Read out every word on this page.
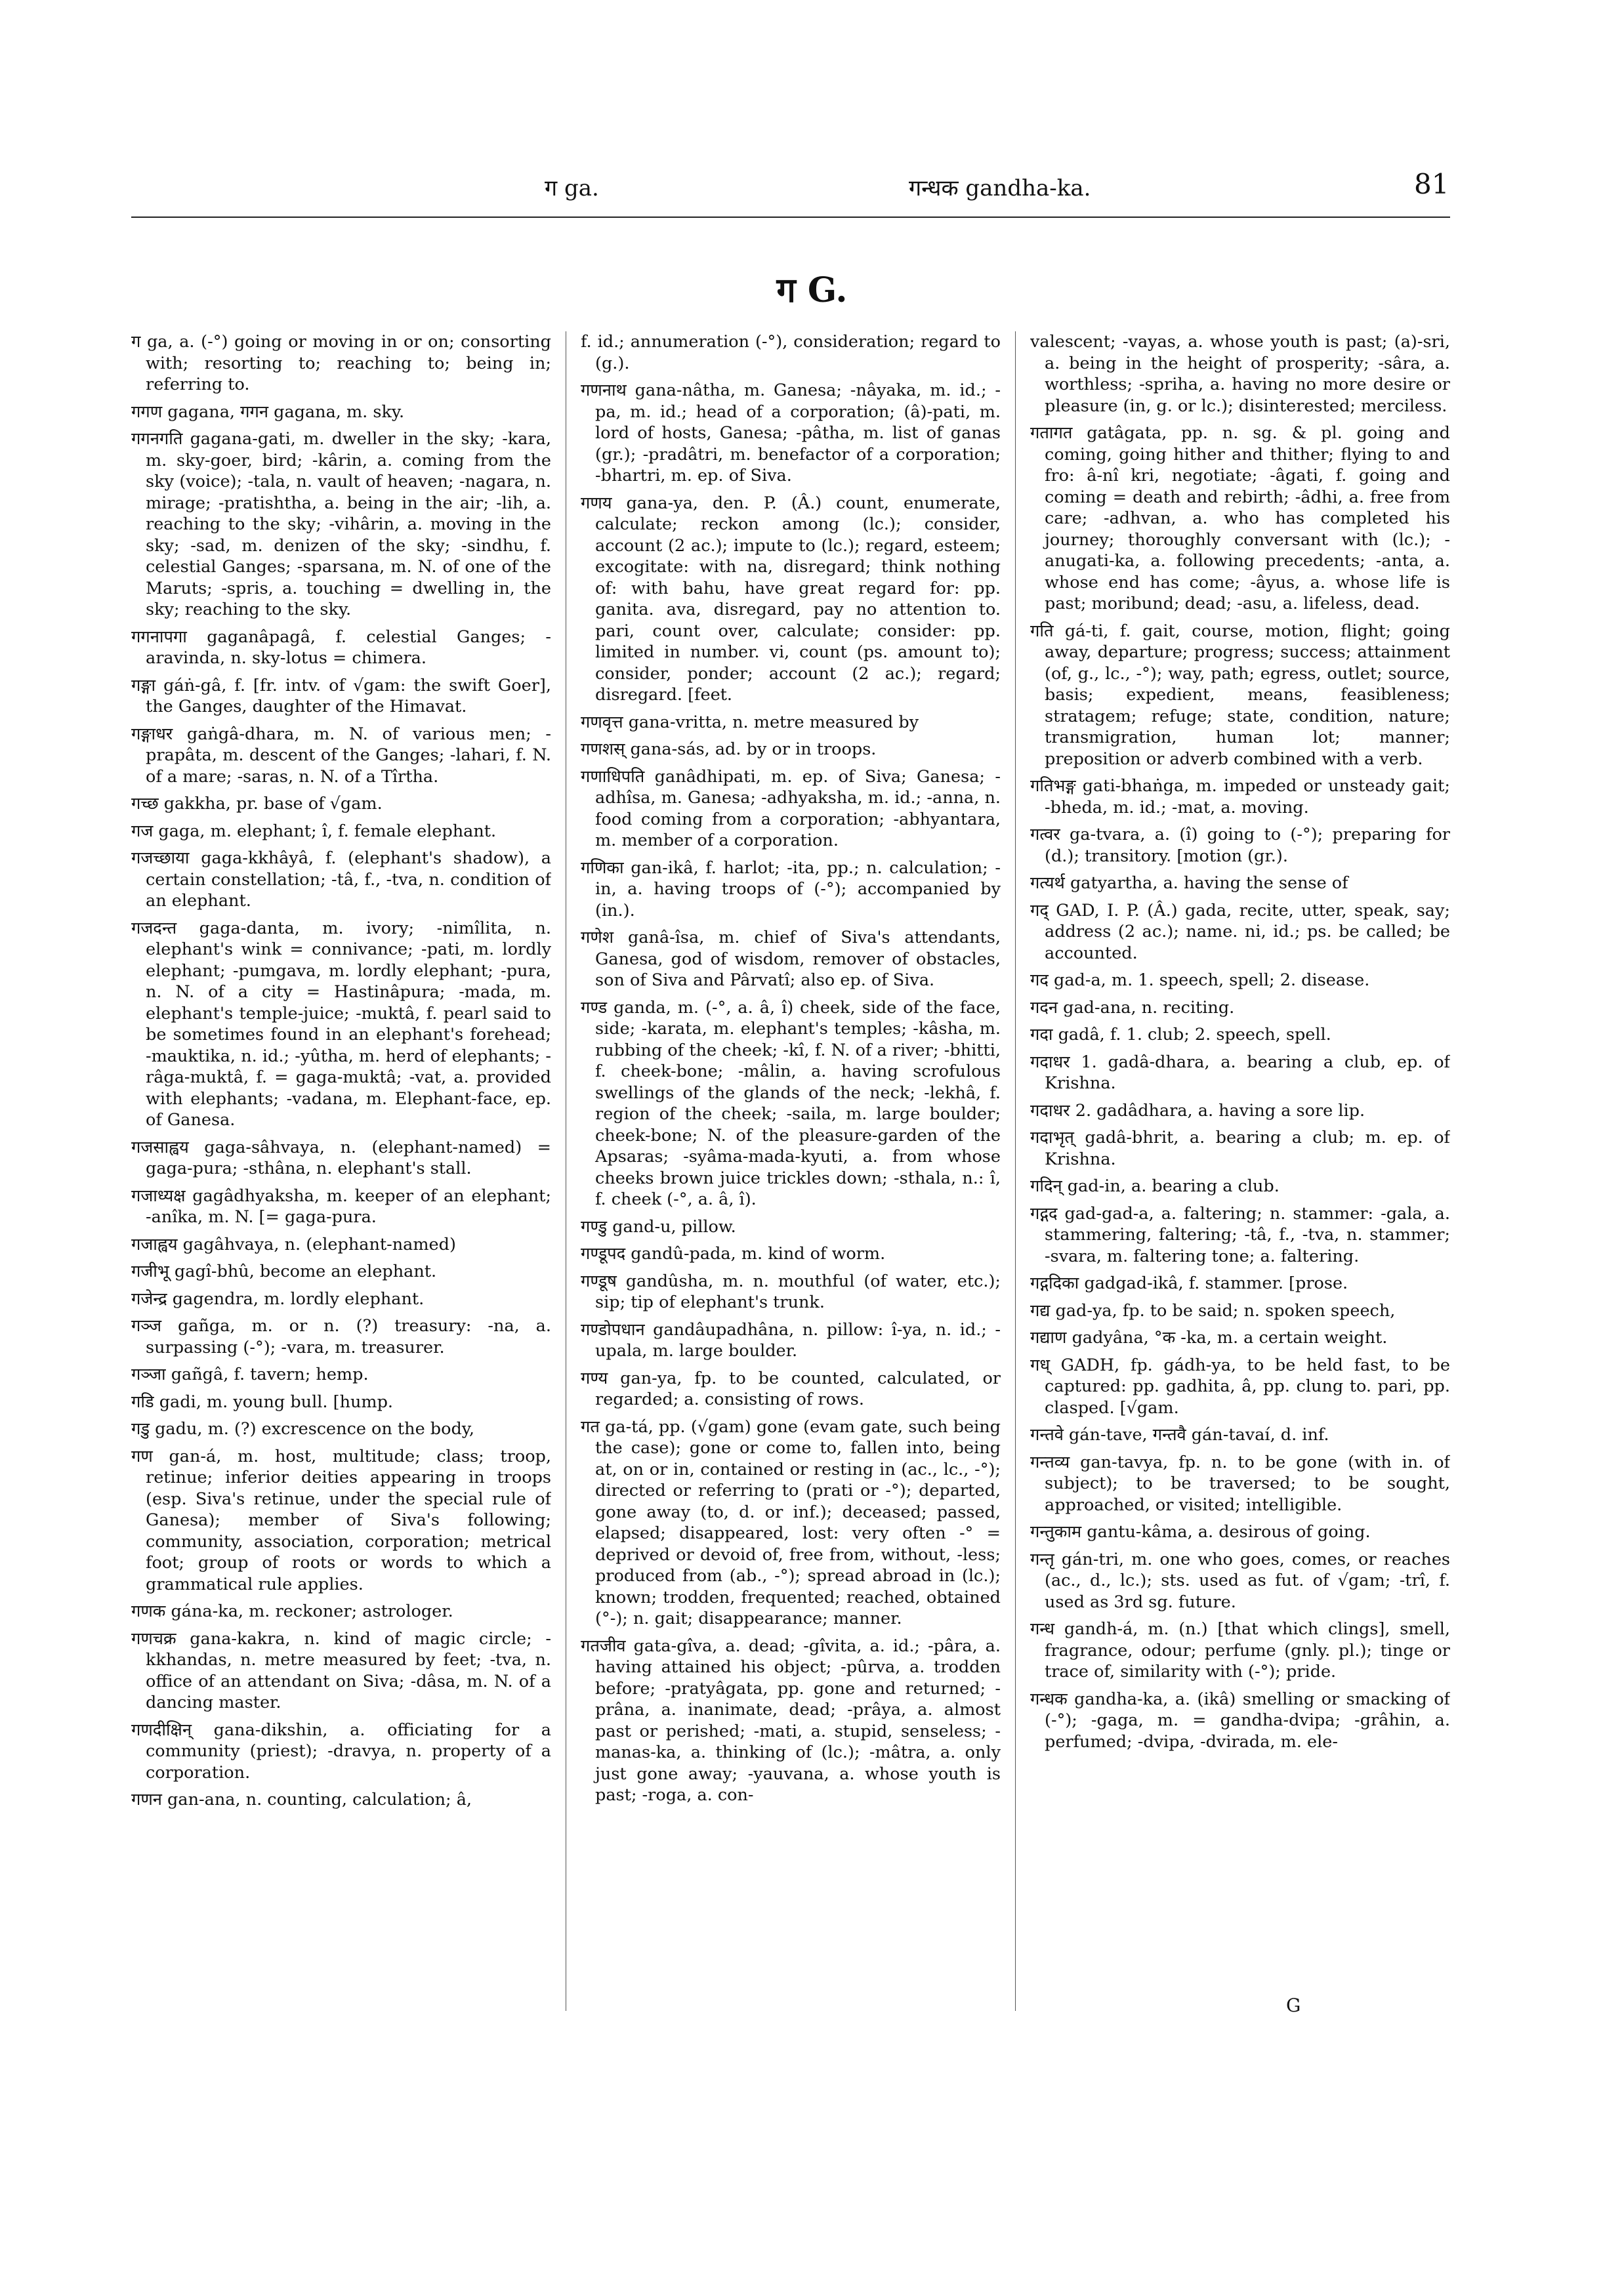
ग ga.	गन्धक gandha-ka.	81
ग G.

ग ga, a. (-°) going or moving in or on; consorting with; resorting to; reaching to; being in; referring to.

गगण gagana, गगन gagana, m. sky.

गगनगति gagana-gati, m. dweller in the sky; -kara, m. sky-goer, bird; -kârin, a. coming from the sky (voice); -tala, n. vault of heaven; -nagara, n. mirage; -pratishtha, a. being in the air; -lih, a. reaching to the sky; -vihârin, a. moving in the sky; -sad, m. denizen of the sky; -sindhu, f. celestial Ganges; -sparsana, m. N. of one of the Maruts; -spris, a. touching = dwelling in, the sky; reaching to the sky.

गगनापगा gaganâpagâ, f. celestial Ganges; -aravinda, n. sky-lotus = chimera.

गङ्गा gáṅ-gâ, f. [fr. intv. of √gam: the swift Goer], the Ganges, daughter of the Himavat.

गङ्गाधर gaṅgâ-dhara, m. N. of various men; -prapâta, m. descent of the Ganges; -lahari, f. N. of a mare; -saras, n. N. of a Tîrtha.

गच्छ gakkha, pr. base of √gam.

गज gaga, m. elephant; î, f. female elephant.

गजच्छाया gaga-kkhâyâ, f. (elephant's shadow), a certain constellation; -tâ, f., -tva, n. condition of an elephant.

गजदन्त gaga-danta, m. ivory; -nimîlita, n. elephant's wink = connivance; -pati, m. lordly elephant; -pumgava, m. lordly elephant; -pura, n. N. of a city = Hastinâpura; -mada, m. elephant's temple-juice; -muktâ, f. pearl said to be sometimes found in an elephant's forehead; -mauktika, n. id.; -yûtha, m. herd of elephants; -râga-muktâ, f. = gaga-muktâ; -vat, a. provided with elephants; -vadana, m. Elephant-face, ep. of Ganesa.

गजसाह्वय gaga-sâhvaya, n. (elephant-named) = gaga-pura; -sthâna, n. elephant's stall.

गजाध्यक्ष gagâdhyaksha, m. keeper of an elephant; -anîka, m. N. [= gaga-pura.

गजाह्वय gagâhvaya, n. (elephant-named)

गजीभू gagî-bhû, become an elephant.

गजेन्द्र gagendra, m. lordly elephant.

गञ्ज gañga, m. or n. (?) treasury: -na, a. surpassing (-°); -vara, m. treasurer.

गञ्जा gañgâ, f. tavern; hemp.

गडि gadi, m. young bull. [hump.

गडु gadu, m. (?) excrescence on the body,

गण gan-á, m. host, multitude; class; troop, retinue; inferior deities appearing in troops (esp. Siva's retinue, under the special rule of Ganesa); member of Siva's following; community, association, corporation; metrical foot; group of roots or words to which a grammatical rule applies.

गणक gána-ka, m. reckoner; astrologer.

गणचक्र gana-kakra, n. kind of magic circle; -kkhandas, n. metre measured by feet; -tva, n. office of an attendant on Siva; -dâsa, m. N. of a dancing master.

गणदीक्षिन् gana-dikshin, a. officiating for a community (priest); -dravya, n. property of a corporation.

गणन gan-ana, n. counting, calculation; â,

f. id.; annumeration (-°), consideration; regard to (g.).

गणनाथ gana-nâtha, m. Ganesa; -nâyaka, m. id.; -pa, m. id.; head of a corporation; (â)-pati, m. lord of hosts, Ganesa; -pâtha, m. list of ganas (gr.); -pradâtri, m. benefactor of a corporation; -bhartri, m. ep. of Siva.

गणय gana-ya, den. P. (Â.) count, enumerate, calculate; reckon among (lc.); consider, account (2 ac.); impute to (lc.); regard, esteem; excogitate: with na, disregard; think nothing of: with bahu, have great regard for: pp. ganita. ava, disregard, pay no attention to. pari, count over, calculate; consider: pp. limited in number. vi, count (ps. amount to); consider, ponder; account (2 ac.); regard; disregard. [feet.

गणवृत्त gana-vritta, n. metre measured by

गणशस् gana-sás, ad. by or in troops.

गणाधिपति ganâdhipati, m. ep. of Siva; Ganesa; -adhîsa, m. Ganesa; -adhyaksha, m. id.; -anna, n. food coming from a corporation; -abhyantara, m. member of a corporation.

गणिका gan-ikâ, f. harlot; -ita, pp.; n. calculation; -in, a. having troops of (-°); accompanied by (in.).

गणेश ganâ-îsa, m. chief of Siva's attendants, Ganesa, god of wisdom, remover of obstacles, son of Siva and Pârvatî; also ep. of Siva.

गण्ड ganda, m. (-°, a. â, î) cheek, side of the face, side; -karata, m. elephant's temples; -kâsha, m. rubbing of the cheek; -kî, f. N. of a river; -bhitti, f. cheek-bone; -mâlin, a. having scrofulous swellings of the glands of the neck; -lekhâ, f. region of the cheek; -saila, m. large boulder; cheek-bone; N. of the pleasure-garden of the Apsaras; -syâma-mada-kyuti, a. from whose cheeks brown juice trickles down; -sthala, n.: î, f. cheek (-°, a. â, î).

गण्डु gand-u, pillow.

गण्डूपद gandû-pada, m. kind of worm.

गण्डूष gandûsha, m. n. mouthful (of water, etc.); sip; tip of elephant's trunk.

गण्डोपधान gandâupadhâna, n. pillow: î-ya, n. id.; -upala, m. large boulder.

गण्य gan-ya, fp. to be counted, calculated, or regarded; a. consisting of rows.

गत ga-tá, pp. (√gam) gone (evam gate, such being the case); gone or come to, fallen into, being at, on or in, contained or resting in (ac., lc., -°); directed or referring to (prati or -°); departed, gone away (to, d. or inf.); deceased; passed, elapsed; disappeared, lost: very often -° = deprived or devoid of, free from, without, -less; produced from (ab., -°); spread abroad in (lc.); known; trodden, frequented; reached, obtained (°-); n. gait; disappearance; manner.

गतजीव gata-gîva, a. dead; -gîvita, a. id.; -pâra, a. having attained his object; -pûrva, a. trodden before; -pratyâgata, pp. gone and returned; -prâna, a. inanimate, dead; -prâya, a. almost past or perished; -mati, a. stupid, senseless; -manas-ka, a. thinking of (lc.); -mâtra, a. only just gone away; -yauvana, a. whose youth is past; -roga, a. con-

valescent; -vayas, a. whose youth is past; (a)-sri, a. being in the height of prosperity; -sâra, a. worthless; -spriha, a. having no more desire or pleasure (in, g. or lc.); disinterested; merciless.

गतागत gatâgata, pp. n. sg. & pl. going and coming, going hither and thither; flying to and fro: â-nî kri, negotiate; -âgati, f. going and coming = death and rebirth; -âdhi, a. free from care; -adhvan, a. who has completed his journey; thoroughly conversant with (lc.); -anugati-ka, a. following precedents; -anta, a. whose end has come; -âyus, a. whose life is past; moribund; dead; -asu, a. lifeless, dead.

गति gá-ti, f. gait, course, motion, flight; going away, departure; progress; success; attainment (of, g., lc., -°); way, path; egress, outlet; source, basis; expedient, means, feasibleness; stratagem; refuge; state, condition, nature; transmigration, human lot; manner; preposition or adverb combined with a verb.

गतिभङ्ग gati-bhaṅga, m. impeded or unsteady gait; -bheda, m. id.; -mat, a. moving.

गत्वर ga-tvara, a. (î) going to (-°); preparing for (d.); transitory. [motion (gr.).

गत्यर्थ gatyartha, a. having the sense of

गद् GAD, I. P. (Â.) gada, recite, utter, speak, say; address (2 ac.); name. ni, id.; ps. be called; be accounted.

गद gad-a, m. 1. speech, spell; 2. disease.

गदन gad-ana, n. reciting.

गदा gadâ, f. 1. club; 2. speech, spell.

गदाधर 1. gadâ-dhara, a. bearing a club, ep. of Krishna.

गदाधर 2. gadâdhara, a. having a sore lip.

गदाभृत् gadâ-bhrit, a. bearing a club; m. ep. of Krishna.

गदिन् gad-in, a. bearing a club.

गद्गद gad-gad-a, a. faltering; n. stammer: -gala, a. stammering, faltering; -tâ, f., -tva, n. stammer; -svara, m. faltering tone; a. faltering.

गद्गदिका gadgad-ikâ, f. stammer. [prose.

गद्य gad-ya, fp. to be said; n. spoken speech,

गद्याण gadyâna, °क -ka, m. a certain weight.

गध् GADH, fp. gádh-ya, to be held fast, to be captured: pp. gadhita, â, pp. clung to. pari, pp. clasped. [√gam.

गन्तवे gán-tave, गन्तवै gán-tavaí, d. inf.

गन्तव्य gan-tavya, fp. n. to be gone (with in. of subject); to be traversed; to be sought, approached, or visited; intelligible.

गन्तुकाम gantu-kâma, a. desirous of going.

गन्तृ gán-tri, m. one who goes, comes, or reaches (ac., d., lc.); sts. used as fut. of √gam; -trî, f. used as 3rd sg. future.

गन्ध gandh-á, m. (n.) [that which clings], smell, fragrance, odour; perfume (gnly. pl.); tinge or trace of, similarity with (-°); pride.

गन्धक gandha-ka, a. (ikâ) smelling or smacking of (-°); -gaga, m. = gandha-dvipa; -grâhin, a. perfumed; -dvipa, -dvirada, m. ele-

G
